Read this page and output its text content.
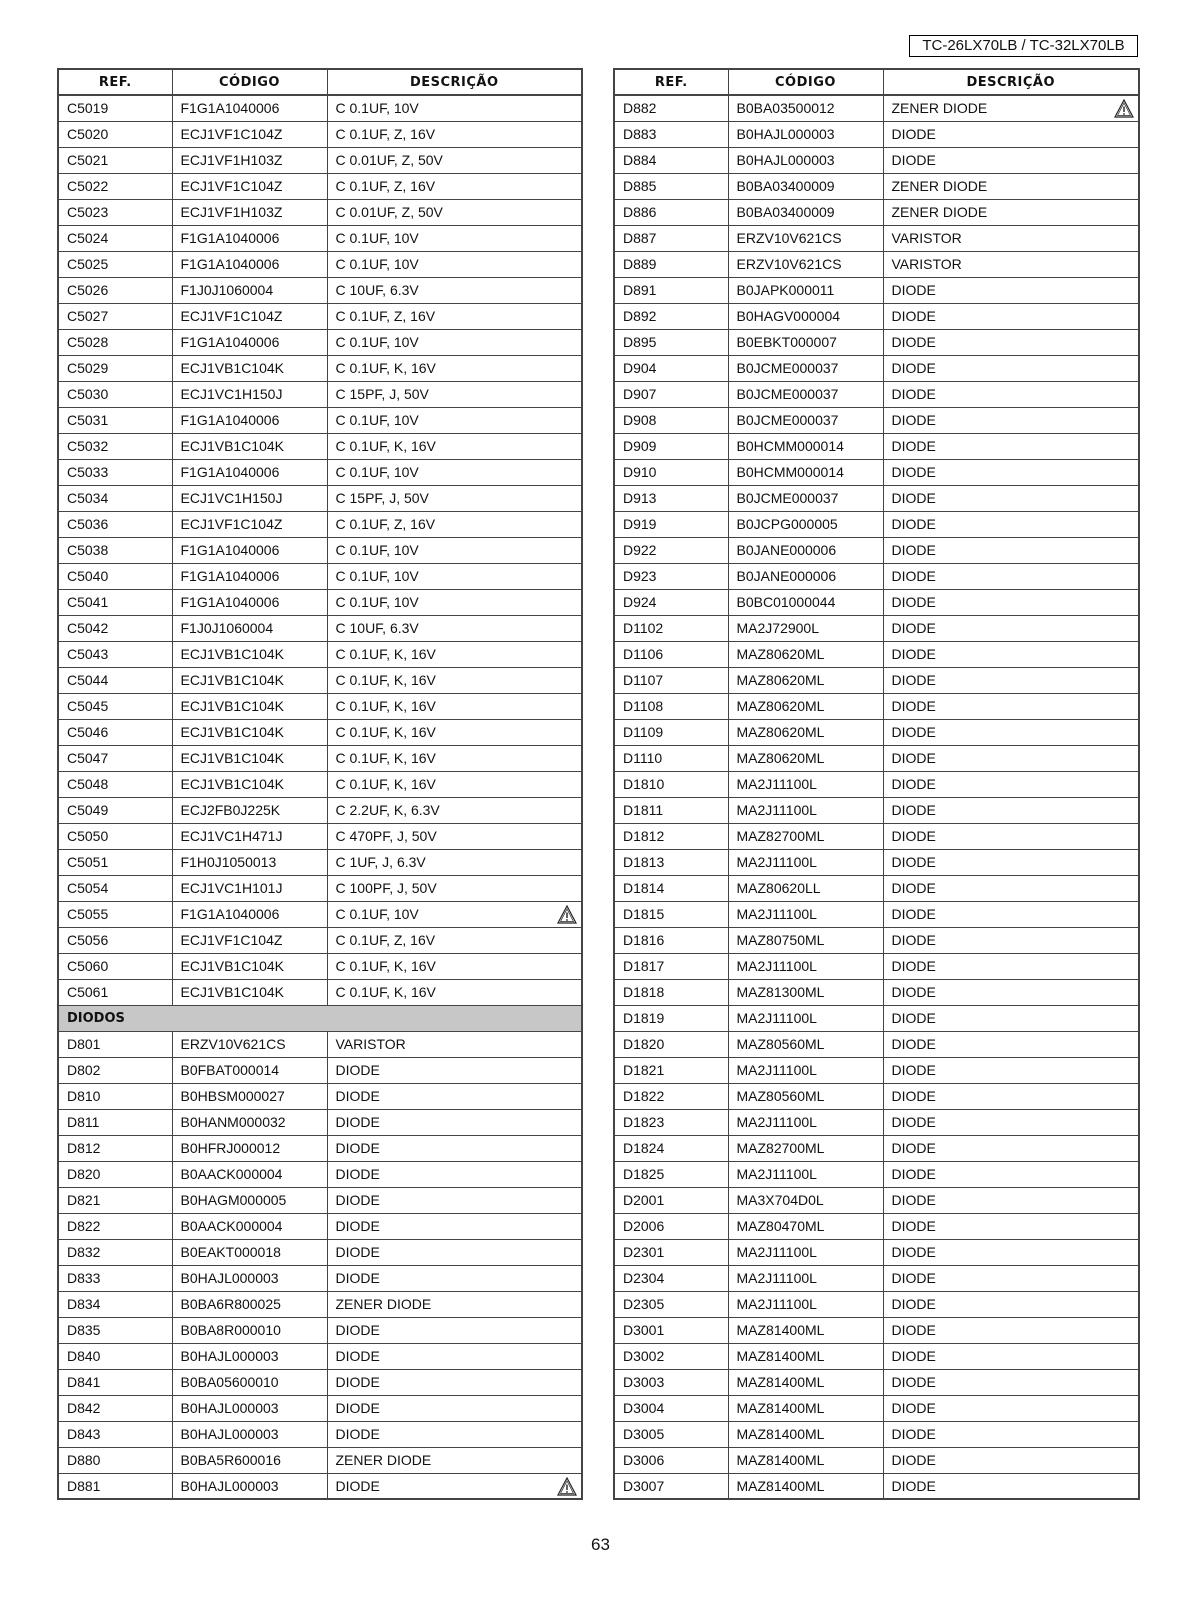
TC-26LX70LB / TC-32LX70LB
REF.	CÓDIGO	DESCRIÇÃO
C5019	F1G1A1040006	C 0.1UF, 10V
C5020	ECJ1VF1C104Z	C 0.1UF, Z, 16V
C5021	ECJ1VF1H103Z	C 0.01UF, Z, 50V
C5022	ECJ1VF1C104Z	C 0.1UF, Z, 16V
C5023	ECJ1VF1H103Z	C 0.01UF, Z, 50V
C5024	F1G1A1040006	C 0.1UF, 10V
C5025	F1G1A1040006	C 0.1UF, 10V
C5026	F1J0J1060004	C 10UF, 6.3V
C5027	ECJ1VF1C104Z	C 0.1UF, Z, 16V
C5028	F1G1A1040006	C 0.1UF, 10V
C5029	ECJ1VB1C104K	C 0.1UF, K, 16V
C5030	ECJ1VC1H150J	C 15PF, J, 50V
C5031	F1G1A1040006	C 0.1UF, 10V
C5032	ECJ1VB1C104K	C 0.1UF, K, 16V
C5033	F1G1A1040006	C 0.1UF, 10V
C5034	ECJ1VC1H150J	C 15PF, J, 50V
C5036	ECJ1VF1C104Z	C 0.1UF, Z, 16V
C5038	F1G1A1040006	C 0.1UF, 10V
C5040	F1G1A1040006	C 0.1UF, 10V
C5041	F1G1A1040006	C 0.1UF, 10V
C5042	F1J0J1060004	C 10UF, 6.3V
C5043	ECJ1VB1C104K	C 0.1UF, K, 16V
C5044	ECJ1VB1C104K	C 0.1UF, K, 16V
C5045	ECJ1VB1C104K	C 0.1UF, K, 16V
C5046	ECJ1VB1C104K	C 0.1UF, K, 16V
C5047	ECJ1VB1C104K	C 0.1UF, K, 16V
C5048	ECJ1VB1C104K	C 0.1UF, K, 16V
C5049	ECJ2FB0J225K	C 2.2UF, K, 6.3V
C5050	ECJ1VC1H471J	C 470PF, J, 50V
C5051	F1H0J1050013	C 1UF, J, 6.3V
C5054	ECJ1VC1H101J	C 100PF, J, 50V
C5055	F1G1A1040006	C 0.1UF, 10V

C5056	ECJ1VF1C104Z	C 0.1UF, Z, 16V
C5060	ECJ1VB1C104K	C 0.1UF, K, 16V
C5061	ECJ1VB1C104K	C 0.1UF, K, 16V
DIODOS		
D801	ERZV10V621CS	VARISTOR
D802	B0FBAT000014	DIODE
D810	B0HBSM000027	DIODE
D811	B0HANM000032	DIODE
D812	B0HFRJ000012	DIODE
D820	B0AACK000004	DIODE
D821	B0HAGM000005	DIODE
D822	B0AACK000004	DIODE
D832	B0EAKT000018	DIODE
D833	B0HAJL000003	DIODE
D834	B0BA6R800025	ZENER DIODE
D835	B0BA8R000010	DIODE
D840	B0HAJL000003	DIODE
D841	B0BA05600010	DIODE
D842	B0HAJL000003	DIODE
D843	B0HAJL000003	DIODE
D880	B0BA5R600016	ZENER DIODE
D881	B0HAJL000003	DIODE
REF.	CÓDIGO	DESCRIÇÃO
D882	B0BA03500012	ZENER DIODE

D883	B0HAJL000003	DIODE
D884	B0HAJL000003	DIODE
D885	B0BA03400009	ZENER DIODE
D886	B0BA03400009	ZENER DIODE
D887	ERZV10V621CS	VARISTOR
D889	ERZV10V621CS	VARISTOR
D891	B0JAPK000011	DIODE
D892	B0HAGV000004	DIODE
D895	B0EBKT000007	DIODE
D904	B0JCME000037	DIODE
D907	B0JCME000037	DIODE
D908	B0JCME000037	DIODE
D909	B0HCMM000014	DIODE
D910	B0HCMM000014	DIODE
D913	B0JCME000037	DIODE
D919	B0JCPG000005	DIODE
D922	B0JANE000006	DIODE
D923	B0JANE000006	DIODE
D924	B0BC01000044	DIODE
D1102	MA2J72900L	DIODE
D1106	MAZ80620ML	DIODE
D1107	MAZ80620ML	DIODE
D1108	MAZ80620ML	DIODE
D1109	MAZ80620ML	DIODE
D1110	MAZ80620ML	DIODE
D1810	MA2J11100L	DIODE
D1811	MA2J11100L	DIODE
D1812	MAZ82700ML	DIODE
D1813	MA2J11100L	DIODE
D1814	MAZ80620LL	DIODE
D1815	MA2J11100L	DIODE
D1816	MAZ80750ML	DIODE
D1817	MA2J11100L	DIODE
D1818	MAZ81300ML	DIODE
D1819	MA2J11100L	DIODE
D1820	MAZ80560ML	DIODE
D1821	MA2J11100L	DIODE
D1822	MAZ80560ML	DIODE
D1823	MA2J11100L	DIODE
D1824	MAZ82700ML	DIODE
D1825	MA2J11100L	DIODE
D2001	MA3X704D0L	DIODE
D2006	MAZ80470ML	DIODE
D2301	MA2J11100L	DIODE
D2304	MA2J11100L	DIODE
D2305	MA2J11100L	DIODE
D3001	MAZ81400ML	DIODE
D3002	MAZ81400ML	DIODE
D3003	MAZ81400ML	DIODE
D3004	MAZ81400ML	DIODE
D3005	MAZ81400ML	DIODE
D3006	MAZ81400ML	DIODE
D3007	MAZ81400ML	DIODE
63
